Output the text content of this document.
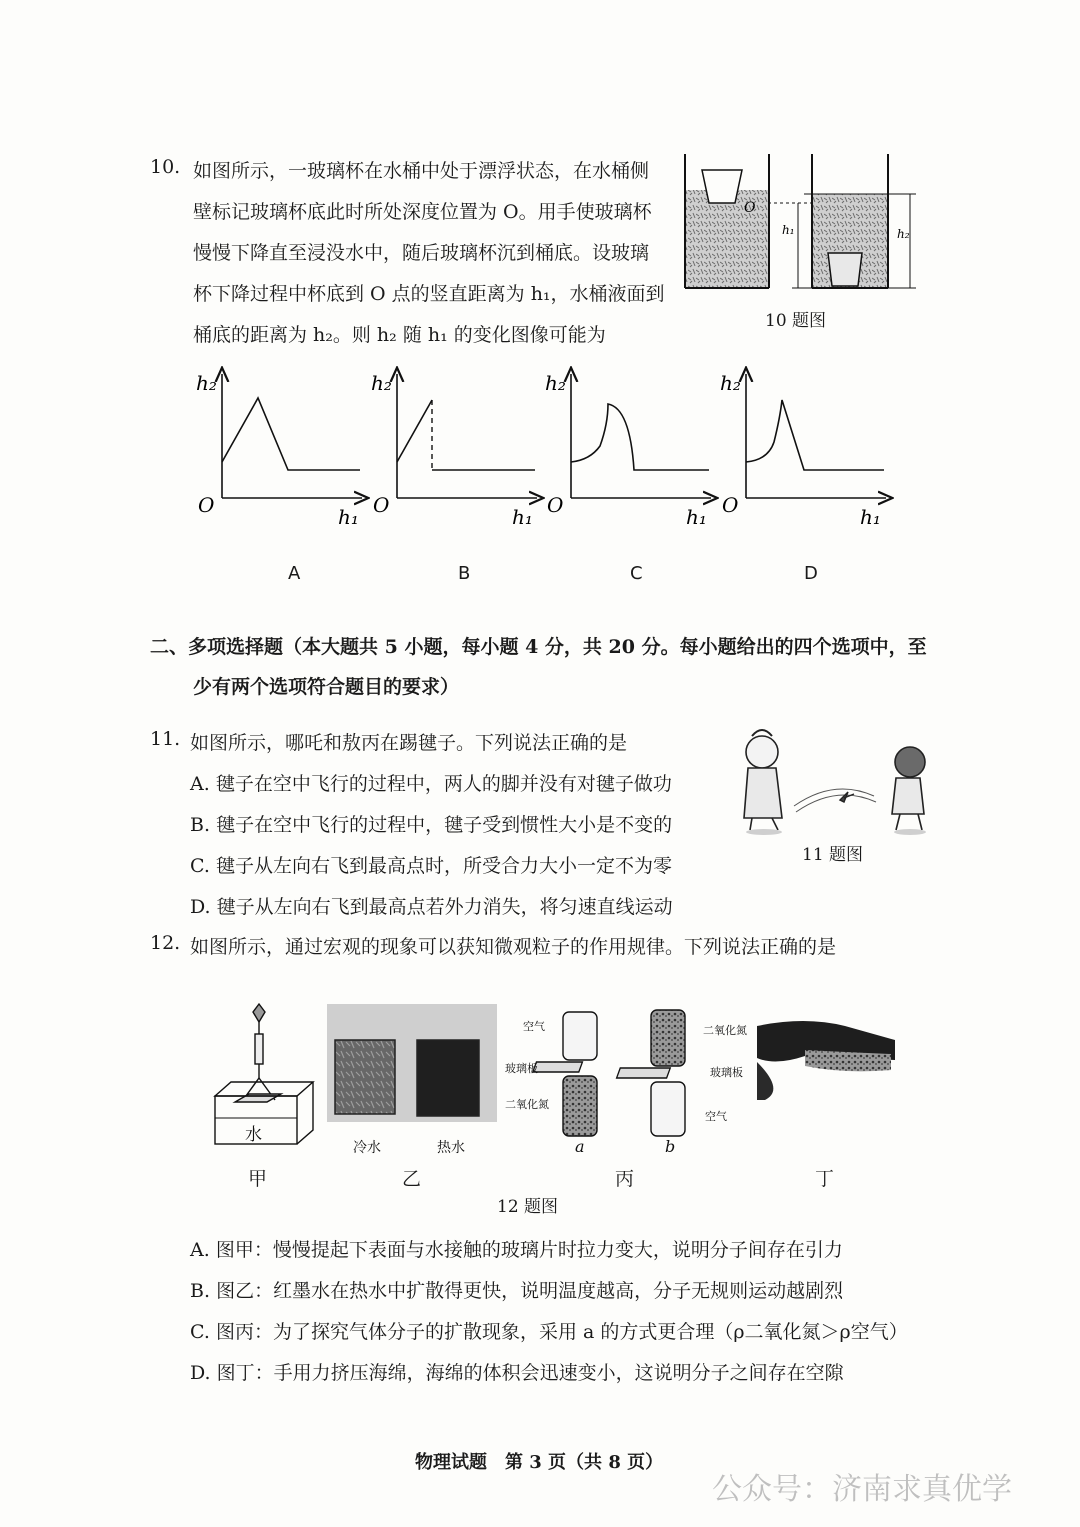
10. 如图所示，一玻璃杯在水桶中处于漂浮状态，在水桶侧
壁标记玻璃杯底此时所处深度位置为 O。用手使玻璃杯
慢慢下降直至浸没水中，随后玻璃杯沉到桶底。设玻璃
杯下降过程中杯底到 O 点的竖直距离为 h₁，水桶液面到
桶底的距离为 h₂。则 h₂ 随 h₁ 的变化图像可能为
O
h₁	h₂
10 题图
h₂
h₁
O
h₂
h₁
O
h₂
h₁
O
h₂
h₁
O
A	B	C	D
二、多项选择题（本大题共 5 小题，每小题 4 分，共 20 分。每小题给出的四个选项中，至
少有两个选项符合题目的要求）
11. 如图所示，哪吒和敖丙在踢毽子。下列说法正确的是
A. 毽子在空中飞行的过程中，两人的脚并没有对毽子做功
B. 毽子在空中飞行的过程中，毽子受到惯性大小是不变的
C. 毽子从左向右飞到最高点时，所受合力大小一定不为零
D. 毽子从左向右飞到最高点若外力消失，将匀速直线运动
11 题图
12. 如图所示，通过宏观的现象可以获知微观粒子的作用规律。下列说法正确的是
水
冷水	热水
空气
玻璃板
二氧化氮
a
二氧化氮
玻璃板
空气
b
甲	乙	丙	丁
12 题图
A. 图甲：慢慢提起下表面与水接触的玻璃片时拉力变大，说明分子间存在引力
B. 图乙：红墨水在热水中扩散得更快，说明温度越高，分子无规则运动越剧烈
C. 图丙：为了探究气体分子的扩散现象，采用 a 的方式更合理（ρ二氧化氮＞ρ空气）
D. 图丁：手用力挤压海绵，海绵的体积会迅速变小，这说明分子之间存在空隙
物理试题　第 3 页（共 8 页）
公众号：济南求真优学
